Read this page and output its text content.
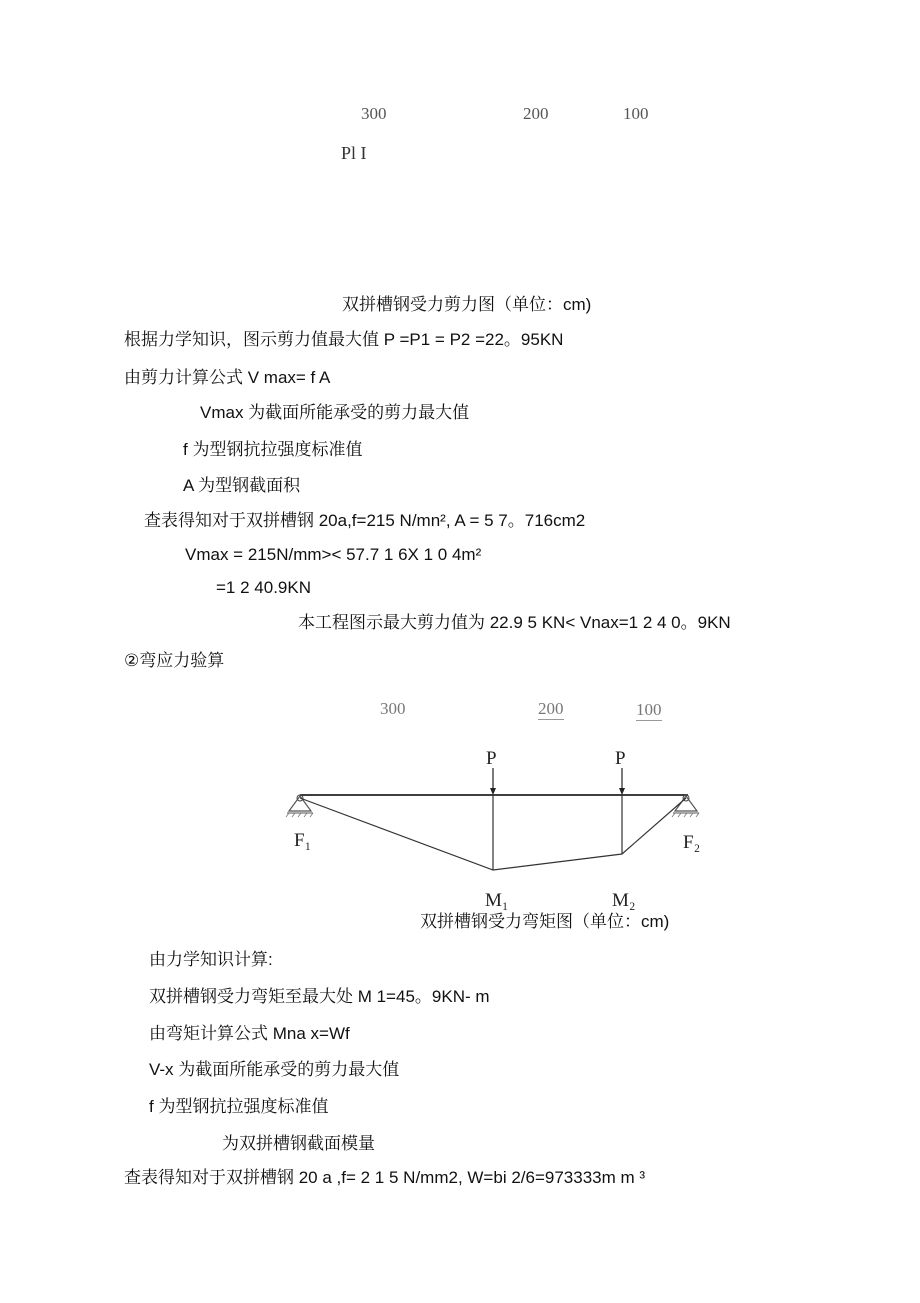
300	200	100
Pl I
双拼槽钢受力剪力图（单位：cm)
根据力学知识，图示剪力值最大值 P =P1 = P2 =22。95KN
由剪力计算公式 V max= f A
Vmax 为截面所能承受的剪力最大值
f 为型钢抗拉强度标准值
A 为型钢截面积
查表得知对于双拼槽钢 20a,f=215 N/mn², A = 5 7。716cm2
Vmax = 215N/mm>< 57.7 1 6X 1 0 4m²
=1 2 40.9KN
本工程图示最大剪力值为 22.9 5 KN< Vnax=1 2 4 0。9KN
②弯应力验算
300	200	100
P	P
F₁	F₂
M₁	M₂
双拼槽钢受力弯矩图（单位：cm)
由力学知识计算:
双拼槽钢受力弯矩至最大处 M 1=45。9KN- m
由弯矩计算公式 Mna x=Wf
V-x 为截面所能承受的剪力最大值
f 为型钢抗拉强度标准值
为双拼槽钢截面模量
查表得知对于双拼槽钢 20 a ,f= 2 1 5 N/mm2, W=bi 2/6=973333m m ³
